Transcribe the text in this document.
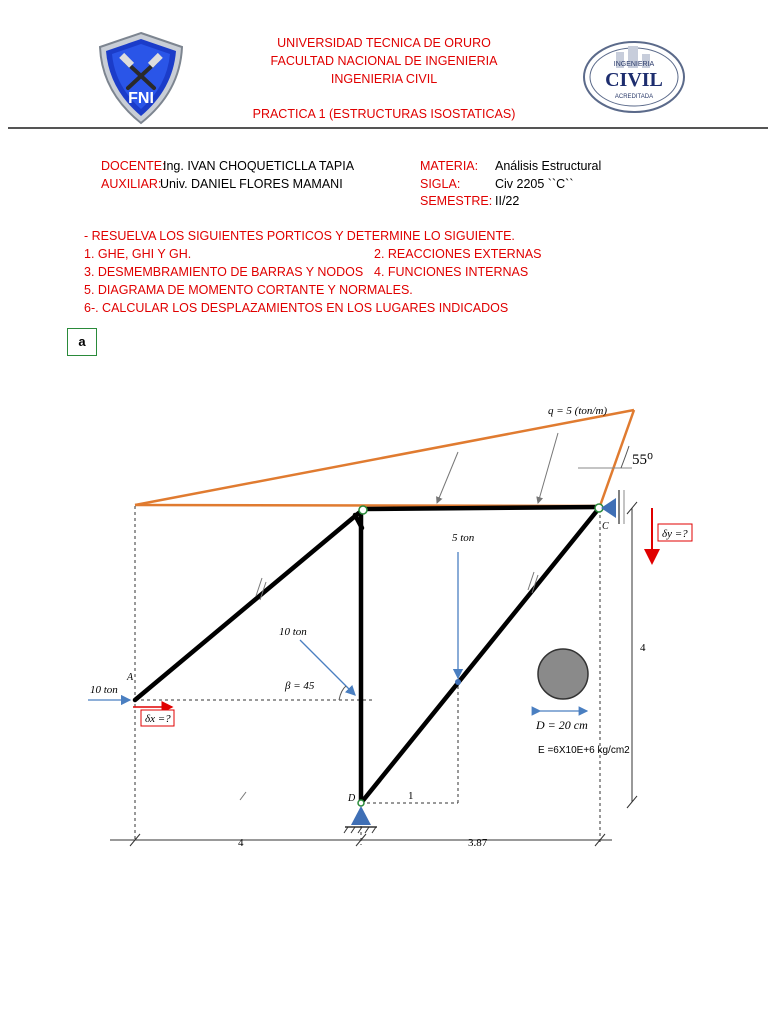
UNIVERSIDAD TECNICA DE ORURO
FACULTAD NACIONAL DE INGENIERIA
INGENIERIA CIVIL
PRACTICA 1 (ESTRUCTURAS ISOSTATICAS)
FNI
INGENIERIA
CIVIL
ACREDITADA
DOCENTE:
Ing. IVAN CHOQUETICLLA TAPIA
AUXILIAR:
Univ. DANIEL FLORES MAMANI
MATERIA: Análisis Estructural
SIGLA:	Civ 2205 ``C``
SEMESTRE: II/22
- RESUELVA LOS SIGUIENTES PORTICOS Y DETERMINE LO SIGUIENTE.
1. GHE, GHI Y GH.	2. REACCIONES EXTERNAS
3. DESMEMBRAMIENTO DE BARRAS Y NODOS 4. FUNCIONES INTERNAS
5. DIAGRAMA DE MOMENTO CORTANTE Y NORMALES.
6-. CALCULAR LOS DESPLAZAMIENTOS EN LOS LUGARES INDICADOS
a
q = 5 (ton/m)
55⁰
5 ton
10 ton
β = 45
10 ton
A
C
D
δx =?
δy =?
4
1
4	3.87
D = 20 cm
E =6X10E+6 kg/cm2
